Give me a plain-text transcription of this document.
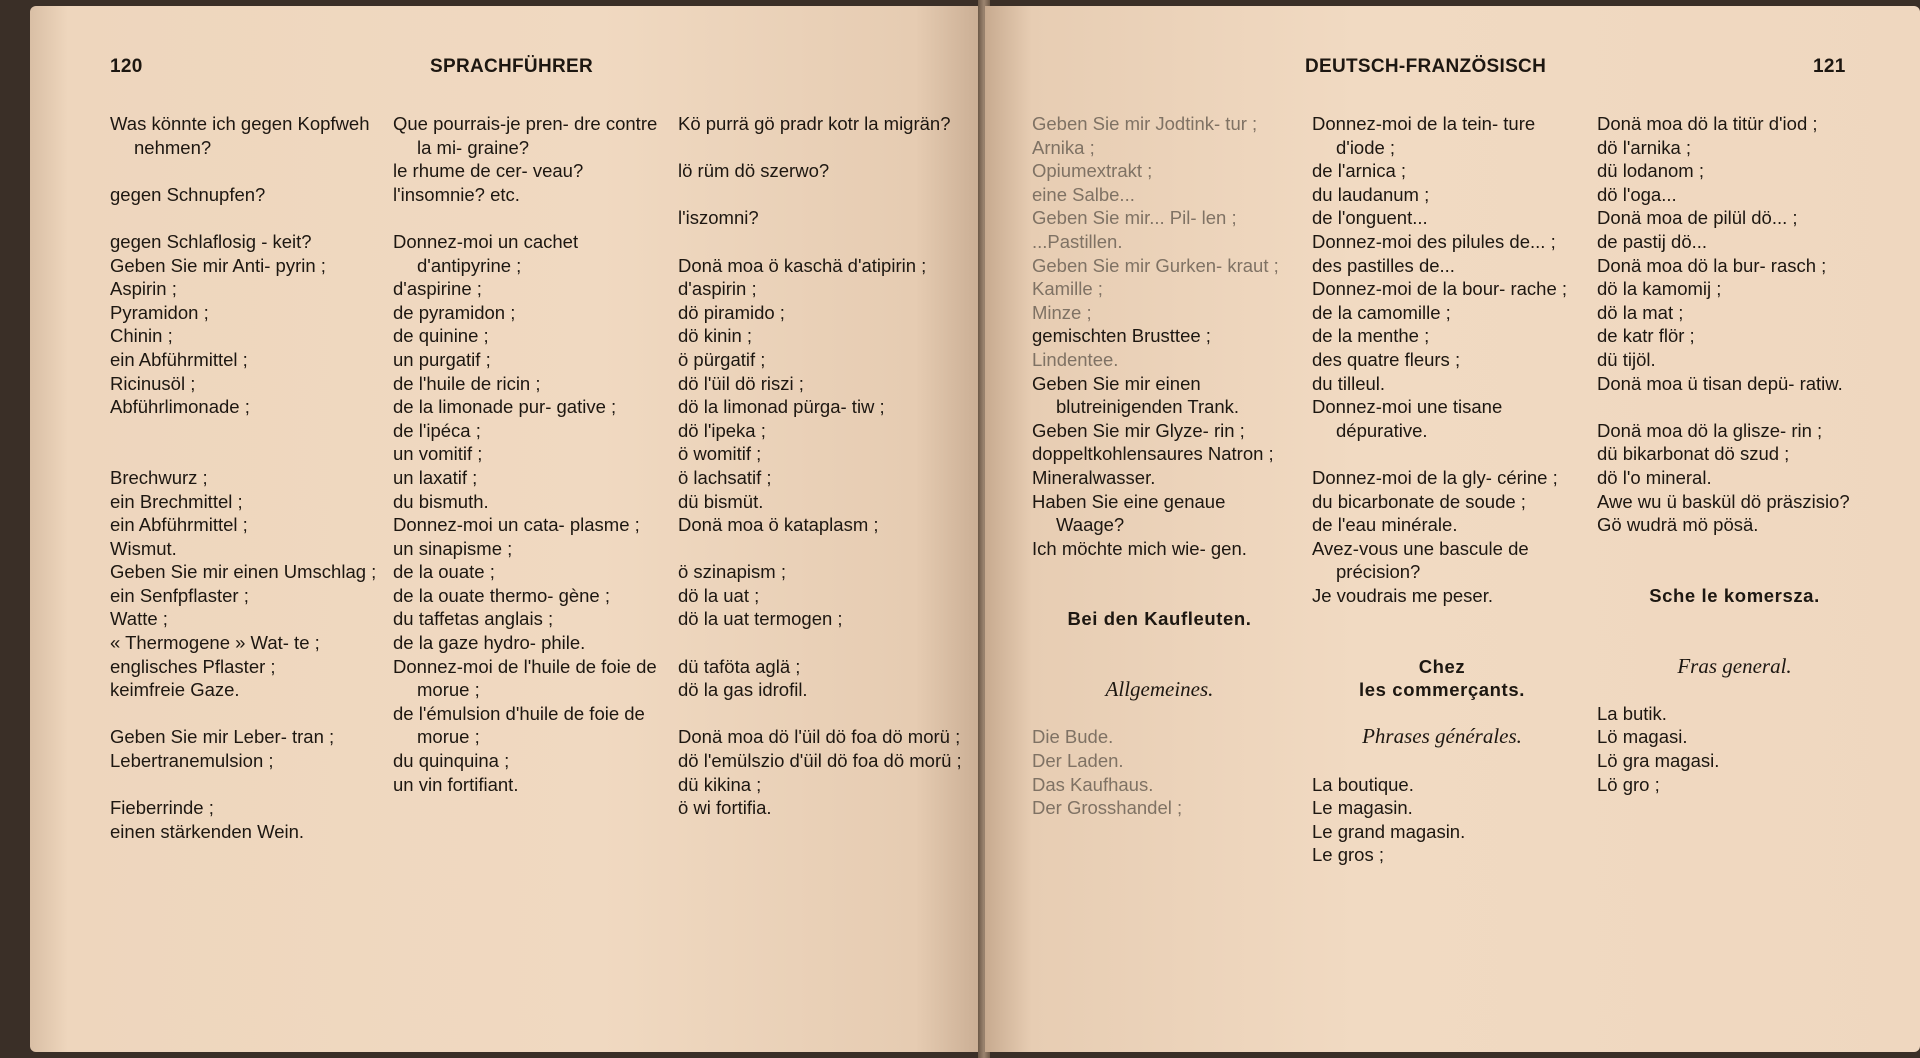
120	SPRACHFÜHRER

Was könnte ich gegen Kopfweh nehmen?

gegen Schnupfen?

gegen Schlaflosig - keit?

Geben Sie mir Anti- pyrin ;

Aspirin ;

Pyramidon ;

Chinin ;

ein Abführmittel ;

Ricinusöl ;

Abführlimonade ;

Brechwurz ;

ein Brechmittel ;

ein Abführmittel ;

Wismut.

Geben Sie mir einen Umschlag ;

ein Senfpflaster ;

Watte ;

« Thermogene » Wat- te ;

englisches Pflaster ;

keimfreie Gaze.

Geben Sie mir Leber- tran ;

Lebertranemulsion ;

Fieberrinde ;

einen stärkenden Wein.

Que pourrais-je pren- dre contre la mi- graine?

le rhume de cer- veau?

l'insomnie? etc.

Donnez-moi un cachet d'antipyrine ;

d'aspirine ;

de pyramidon ;

de quinine ;

un purgatif ;

de l'huile de ricin ;

de la limonade pur- gative ;

de l'ipéca ;

un vomitif ;

un laxatif ;

du bismuth.

Donnez-moi un cata- plasme ;

un sinapisme ;

de la ouate ;

de la ouate thermo- gène ;

du taffetas anglais ;

de la gaze hydro- phile.

Donnez-moi de l'huile de foie de morue ;

de l'émulsion d'huile de foie de morue ;

du quinquina ;

un vin fortifiant.

Kö purrä gö pradr kotr la migrän?

lö rüm dö szerwo?

l'iszomni?

Donä moa ö kaschä d'atipirin ;

d'aspirin ;

dö piramido ;

dö kinin ;

ö pürgatif ;

dö l'üil dö riszi ;

dö la limonad pürga- tiw ;

dö l'ipeka ;

ö womitif ;

ö lachsatif ;

dü bismüt.

Donä moa ö kataplasm ;

ö szinapism ;

dö la uat ;

dö la uat termogen ;

dü taföta aglä ;

dö la gas idrofil.

Donä moa dö l'üil dö foa dö morü ;

dö l'emülszio d'üil dö foa dö morü ;

dü kikina ;

ö wi fortifia.

DEUTSCH-FRANZÖSISCH	121

Geben Sie mir Jodtink- tur ;

Arnika ;

Opiumextrakt ;

eine Salbe...

Geben Sie mir... Pil- len ;

...Pastillen.

Geben Sie mir Gurken- kraut ;

Kamille ;

Minze ;

gemischten Brusttee ;

Lindentee.

Geben Sie mir einen blutreinigenden Trank.

Geben Sie mir Glyze- rin ;

doppeltkohlensaures Natron ;

Mineralwasser.

Haben Sie eine genaue Waage?

Ich möchte mich wie- gen.

Bei den Kaufleuten.

Allgemeines.

Die Bude.

Der Laden.

Das Kaufhaus.

Der Grosshandel ;

Donnez-moi de la tein- ture d'iode ;

de l'arnica ;

du laudanum ;

de l'onguent...

Donnez-moi des pilules de... ;

des pastilles de...

Donnez-moi de la bour- rache ;

de la camomille ;

de la menthe ;

des quatre fleurs ;

du tilleul.

Donnez-moi une tisane dépurative.

Donnez-moi de la gly- cérine ;

du bicarbonate de soude ;

de l'eau minérale.

Avez-vous une bascule de précision?

Je voudrais me peser.

Chez

les commerçants.

Phrases générales.

La boutique.

Le magasin.

Le grand magasin.

Le gros ;

Donä moa dö la titür d'iod ;

dö l'arnika ;

dü lodanom ;

dö l'oga...

Donä moa de pilül dö... ;

de pastij dö...

Donä moa dö la bur- rasch ;

dö la kamomij ;

dö la mat ;

de katr flör ;

dü tijöl.

Donä moa ü tisan depü- ratiw.

Donä moa dö la glisze- rin ;

dü bikarbonat dö szud ;

dö l'o mineral.

Awe wu ü baskül dö präszisio?

Gö wudrä mö pösä.

Sche le komersza.

Fras general.

La butik.

Lö magasi.

Lö gra magasi.

Lö gro ;
